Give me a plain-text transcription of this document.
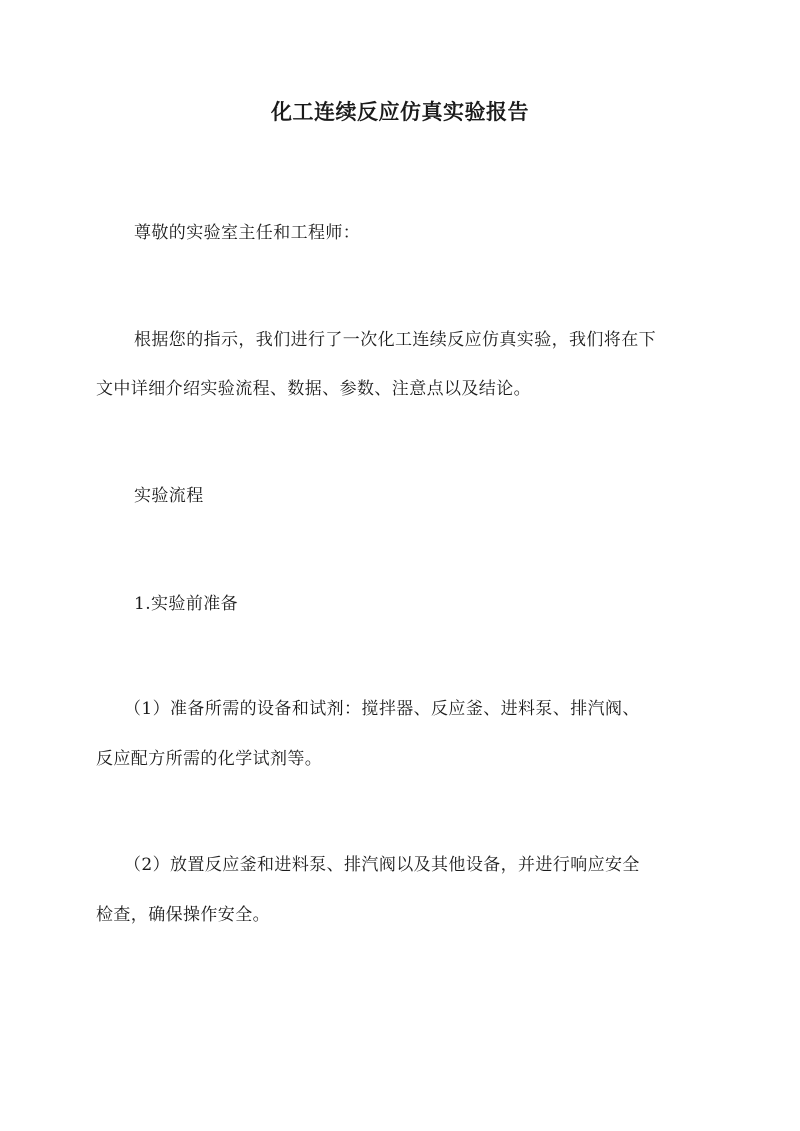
化工连续反应仿真实验报告
尊敬的实验室主任和工程师：
根据您的指示，我们进行了一次化工连续反应仿真实验，我们将在下
文中详细介绍实验流程、数据、参数、注意点以及结论。
实验流程
1.实验前准备
（1）准备所需的设备和试剂：搅拌器、反应釜、进料泵、排汽阀、
反应配方所需的化学试剂等。
（2）放置反应釜和进料泵、排汽阀以及其他设备，并进行响应安全
检查，确保操作安全。
